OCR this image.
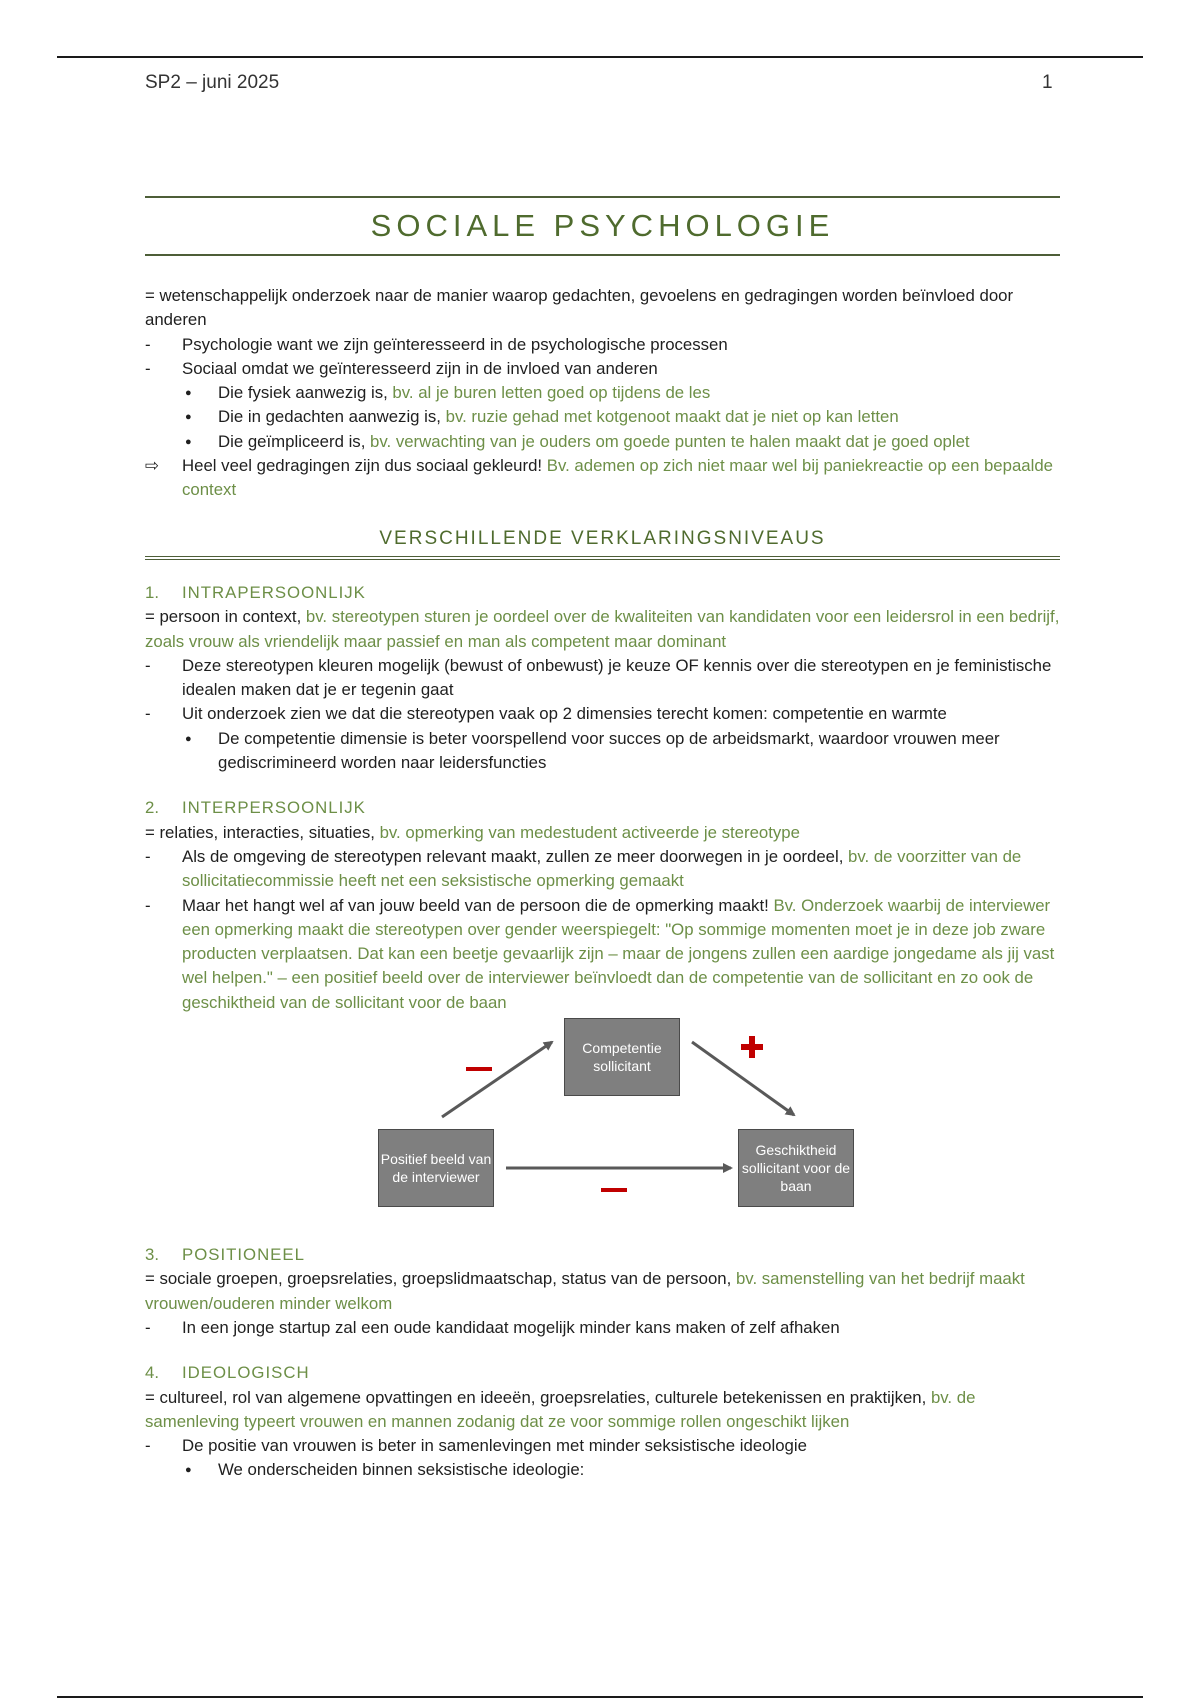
SP2 – juni 2025	1
SOCIALE PSYCHOLOGIE

= wetenschappelijk onderzoek naar de manier waarop gedachten, gevoelens en gedragingen worden beïnvloed door anderen

- Psychologie want we zijn geïnteresseerd in de psychologische processen

- Sociaal omdat we geïnteresseerd zijn in de invloed van anderen

● Die fysiek aanwezig is, bv. al je buren letten goed op tijdens de les

● Die in gedachten aanwezig is, bv. ruzie gehad met kotgenoot maakt dat je niet op kan letten

● Die geïmpliceerd is, bv. verwachting van je ouders om goede punten te halen maakt dat je goed oplet

⇨ Heel veel gedragingen zijn dus sociaal gekleurd! Bv. ademen op zich niet maar wel bij paniekreactie op een bepaalde context

VERSCHILLENDE VERKLARINGSNIVEAUS
1. INTRAPERSOONLIJK

= persoon in context, bv. stereotypen sturen je oordeel over de kwaliteiten van kandidaten voor een leidersrol in een bedrijf, zoals vrouw als vriendelijk maar passief en man als competent maar dominant

- Deze stereotypen kleuren mogelijk (bewust of onbewust) je keuze OF kennis over die stereotypen en je feministische idealen maken dat je er tegenin gaat

- Uit onderzoek zien we dat die stereotypen vaak op 2 dimensies terecht komen: competentie en warmte

● De competentie dimensie is beter voorspellend voor succes op de arbeidsmarkt, waardoor vrouwen meer gediscrimineerd worden naar leidersfuncties

2. INTERPERSOONLIJK

= relaties, interacties, situaties, bv. opmerking van medestudent activeerde je stereotype

- Als de omgeving de stereotypen relevant maakt, zullen ze meer doorwegen in je oordeel, bv. de voorzitter van de sollicitatiecommissie heeft net een seksistische opmerking gemaakt

- Maar het hangt wel af van jouw beeld van de persoon die de opmerking maakt! Bv. Onderzoek waarbij de interviewer een opmerking maakt die stereotypen over gender weerspiegelt: "Op sommige momenten moet je in deze job zware producten verplaatsen. Dat kan een beetje gevaarlijk zijn – maar de jongens zullen een aardige jongedame als jij vast wel helpen." – een positief beeld over de interviewer beïnvloedt dan de competentie van de sollicitant en zo ook de geschiktheid van de sollicitant voor de baan

Positief beeld van de interviewer
Competentie sollicitant
Geschiktheid sollicitant voor de baan
3. POSITIONEEL

= sociale groepen, groepsrelaties, groepslidmaatschap, status van de persoon, bv. samenstelling van het bedrijf maakt vrouwen/ouderen minder welkom

- In een jonge startup zal een oude kandidaat mogelijk minder kans maken of zelf afhaken

4. IDEOLOGISCH

= cultureel, rol van algemene opvattingen en ideeën, groepsrelaties, culturele betekenissen en praktijken, bv. de samenleving typeert vrouwen en mannen zodanig dat ze voor sommige rollen ongeschikt lijken

- De positie van vrouwen is beter in samenlevingen met minder seksistische ideologie

● We onderscheiden binnen seksistische ideologie:
